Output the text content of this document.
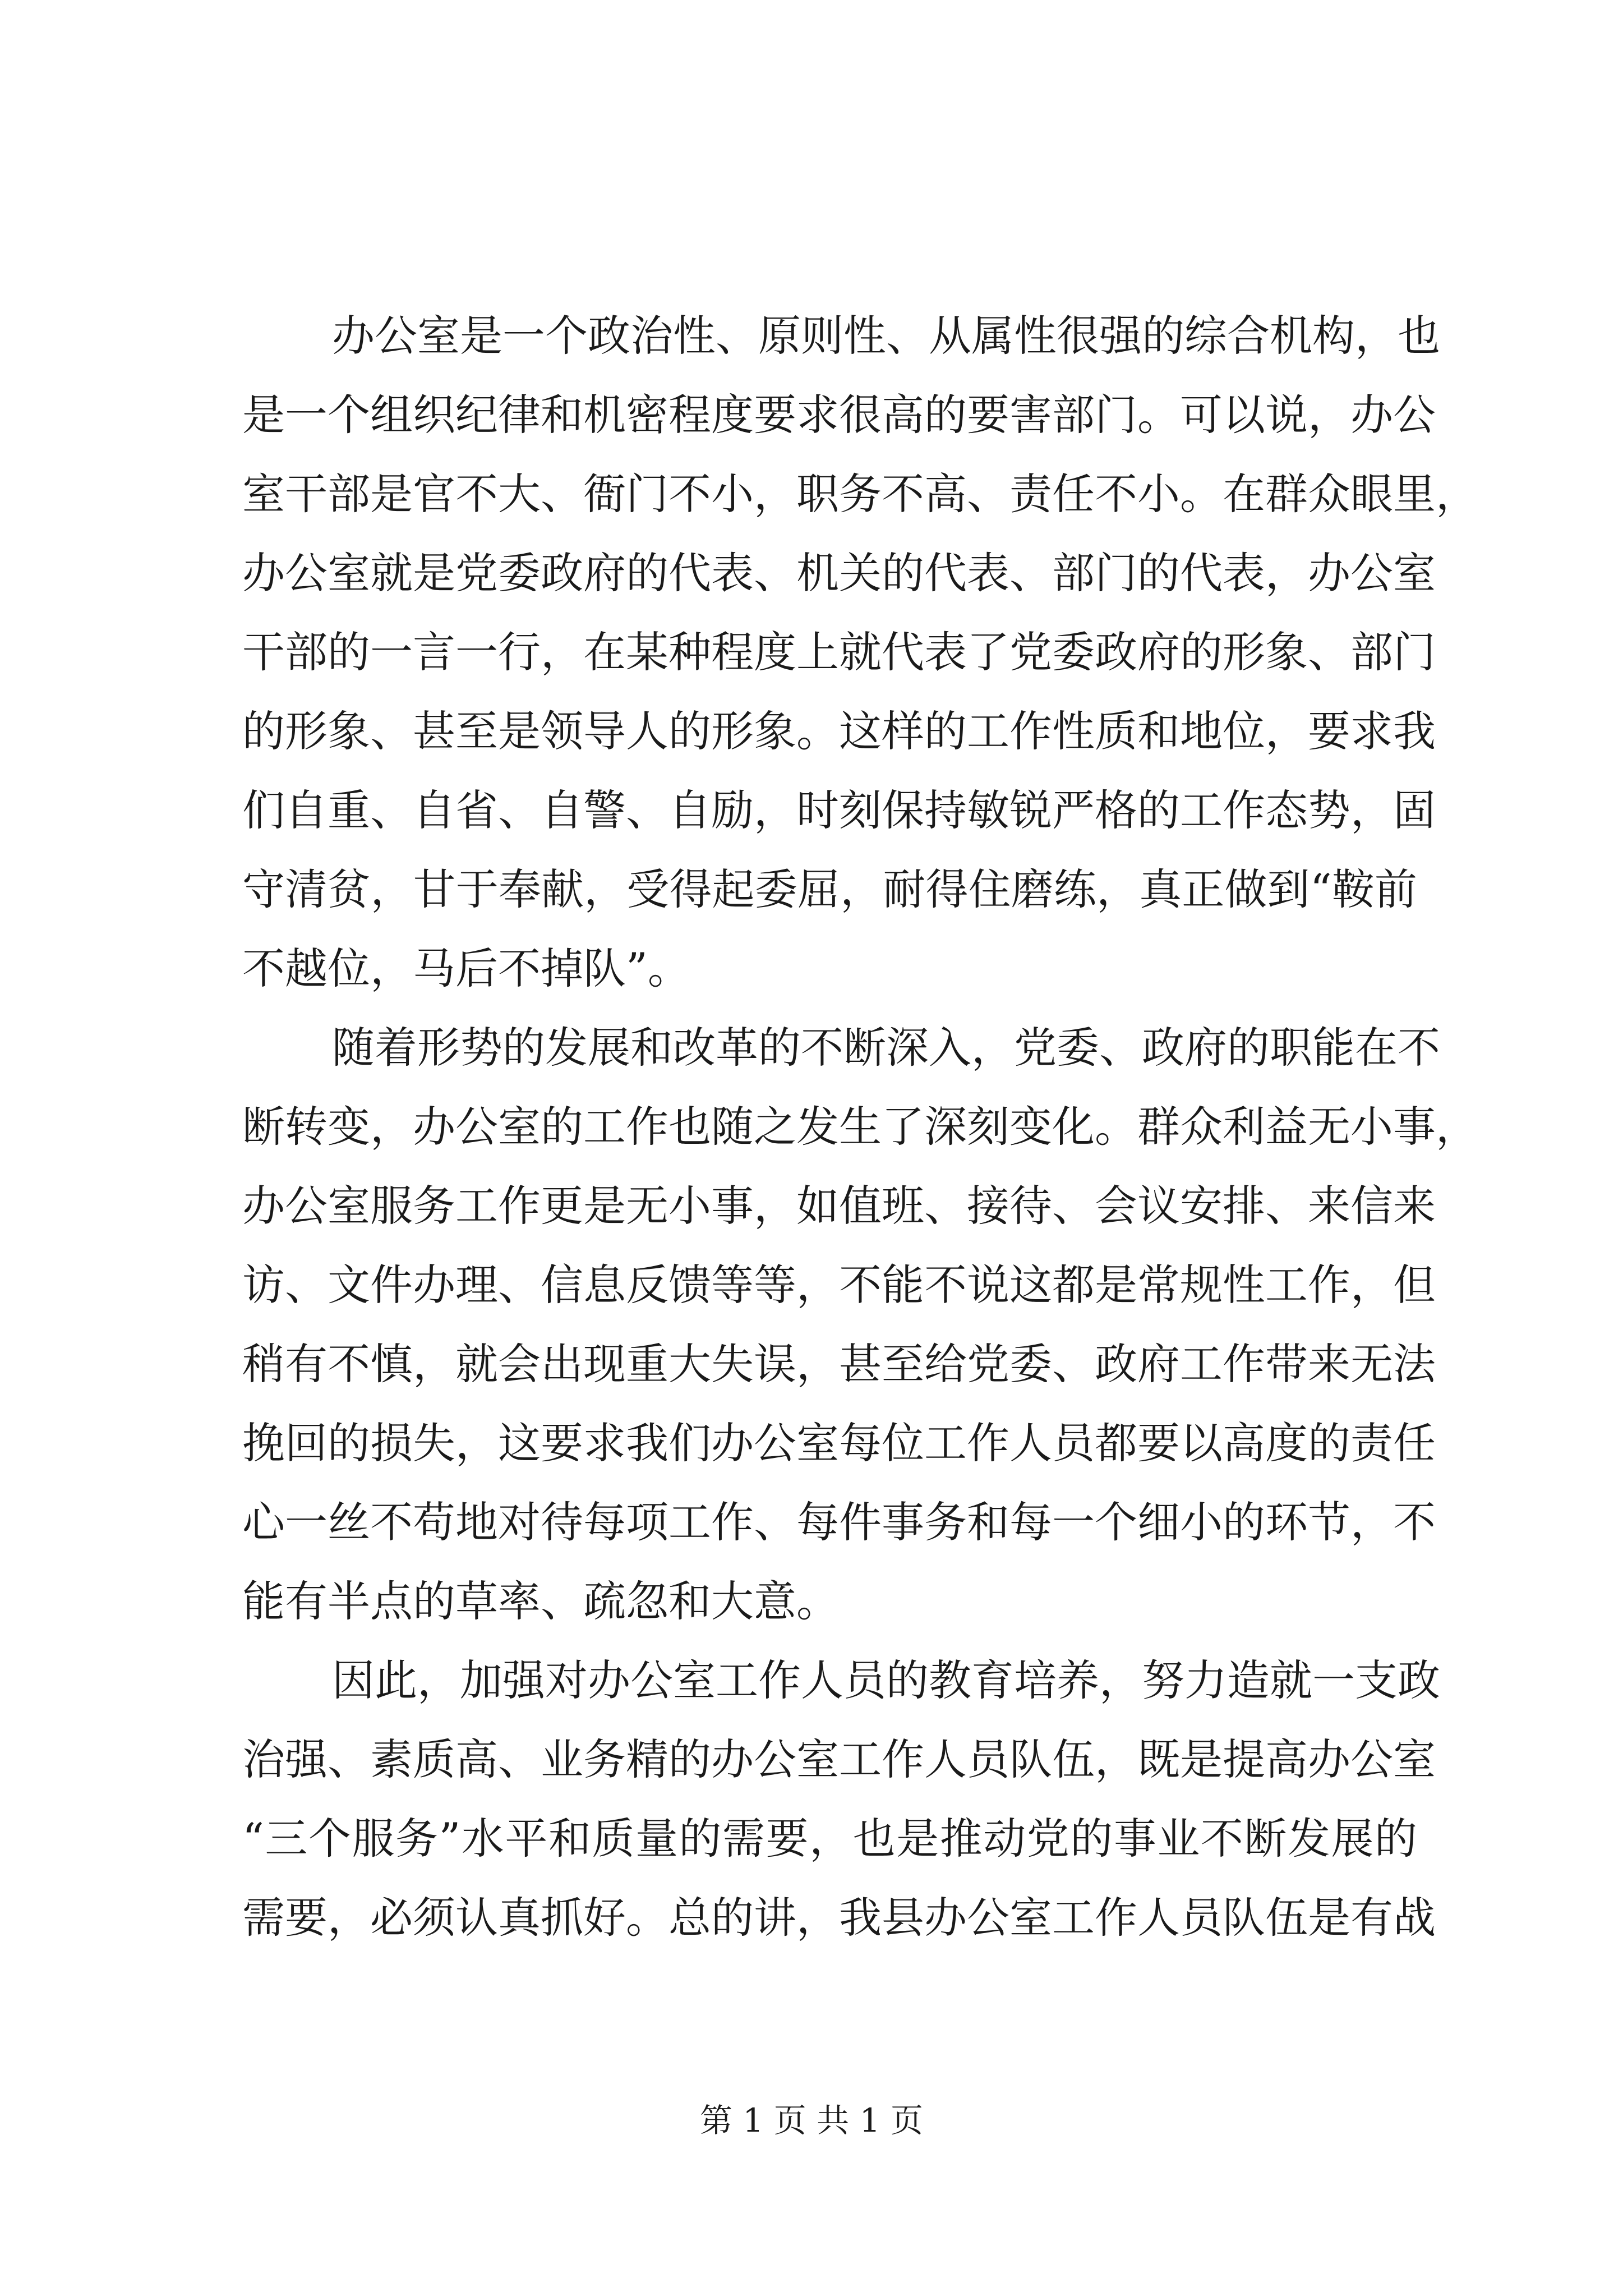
办公室是一个政治性、原则性、从属性很强的综合机构，也
是一个组织纪律和机密程度要求很高的要害部门。可以说，办公
室干部是官不大、衙门不小，职务不高、责任不小。在群众眼里，
办公室就是党委政府的代表、机关的代表、部门的代表，办公室
干部的一言一行，在某种程度上就代表了党委政府的形象、部门
的形象、甚至是领导人的形象。这样的工作性质和地位，要求我
们自重、自省、自警、自励，时刻保持敏锐严格的工作态势，固
守清贫，甘于奉献，受得起委屈，耐得住磨练，真正做到“鞍前
不越位，马后不掉队”。
随着形势的发展和改革的不断深入，党委、政府的职能在不
断转变，办公室的工作也随之发生了深刻变化。群众利益无小事，
办公室服务工作更是无小事，如值班、接待、会议安排、来信来
访、文件办理、信息反馈等等，不能不说这都是常规性工作，但
稍有不慎，就会出现重大失误，甚至给党委、政府工作带来无法
挽回的损失，这要求我们办公室每位工作人员都要以高度的责任
心一丝不苟地对待每项工作、每件事务和每一个细小的环节，不
能有半点的草率、疏忽和大意。
因此，加强对办公室工作人员的教育培养，努力造就一支政
治强、素质高、业务精的办公室工作人员队伍，既是提高办公室
“三个服务”水平和质量的需要，也是推动党的事业不断发展的
需要，必须认真抓好。总的讲，我县办公室工作人员队伍是有战
第 1 页 共 1 页
